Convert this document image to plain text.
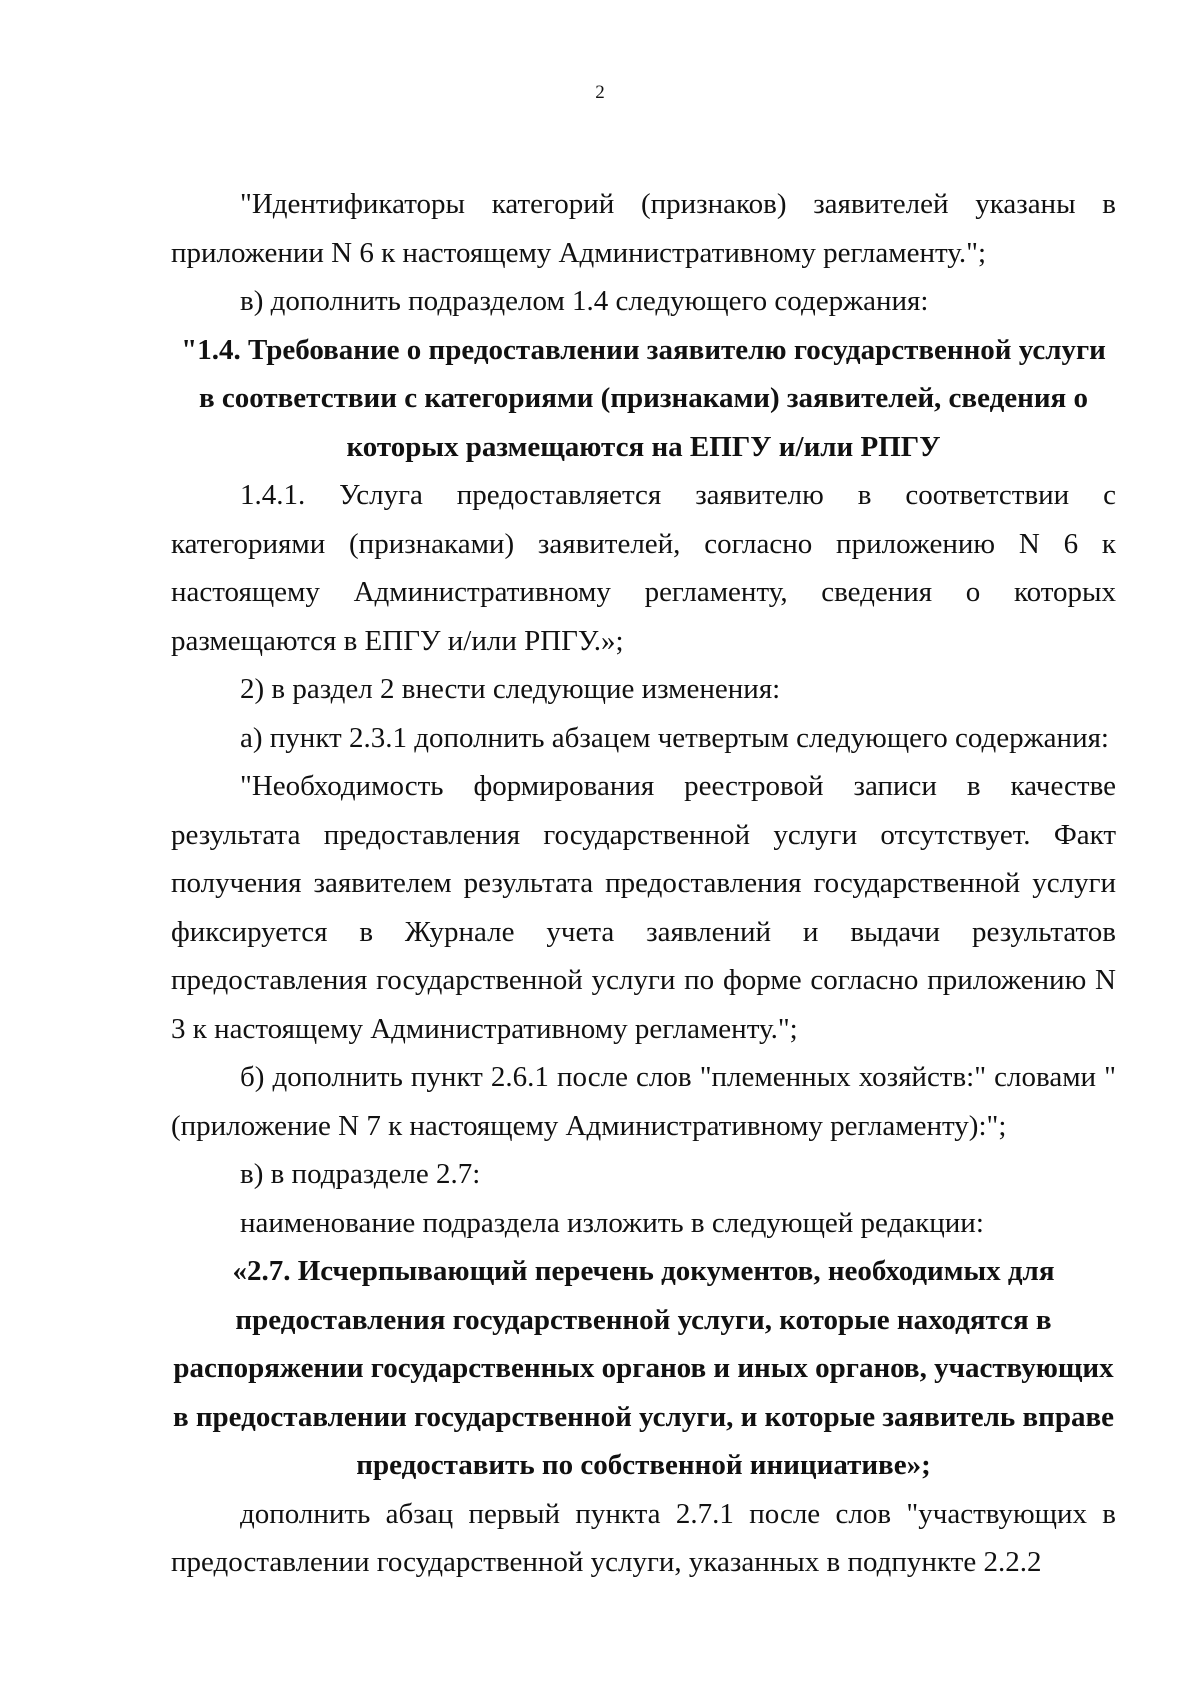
2

"Идентификаторы категорий (признаков) заявителей указаны в приложении N 6 к настоящему Административному регламенту.";

в) дополнить подразделом 1.4 следующего содержания:

"1.4. Требование о предоставлении заявителю государственной услуги в соответствии с категориями (признаками) заявителей, сведения о которых размещаются на ЕПГУ и/или РПГУ

1.4.1. Услуга предоставляется заявителю в соответствии с категориями (признаками) заявителей, согласно приложению N 6 к настоящему Административному регламенту, сведения о которых размещаются в ЕПГУ и/или РПГУ.»;

2) в раздел 2 внести следующие изменения:

а) пункт 2.3.1 дополнить абзацем четвертым следующего содержания:

"Необходимость формирования реестровой записи в качестве результата предоставления государственной услуги отсутствует. Факт получения заявителем результата предоставления государственной услуги фиксируется в Журнале учета заявлений и выдачи результатов предоставления государственной услуги по форме согласно приложению N 3 к настоящему Административному регламенту.";

б) дополнить пункт 2.6.1 после слов "племенных хозяйств:" словами "(приложение N 7 к настоящему Административному регламенту):";

в) в подразделе 2.7:

наименование подраздела изложить в следующей редакции:

«2.7. Исчерпывающий перечень документов, необходимых для предоставления государственной услуги, которые находятся в распоряжении государственных органов и иных органов, участвующих в предоставлении государственной услуги, и которые заявитель вправе предоставить по собственной инициативе»;

дополнить абзац первый пункта 2.7.1 после слов "участвующих в предоставлении государственной услуги, указанных в подпункте 2.2.2
